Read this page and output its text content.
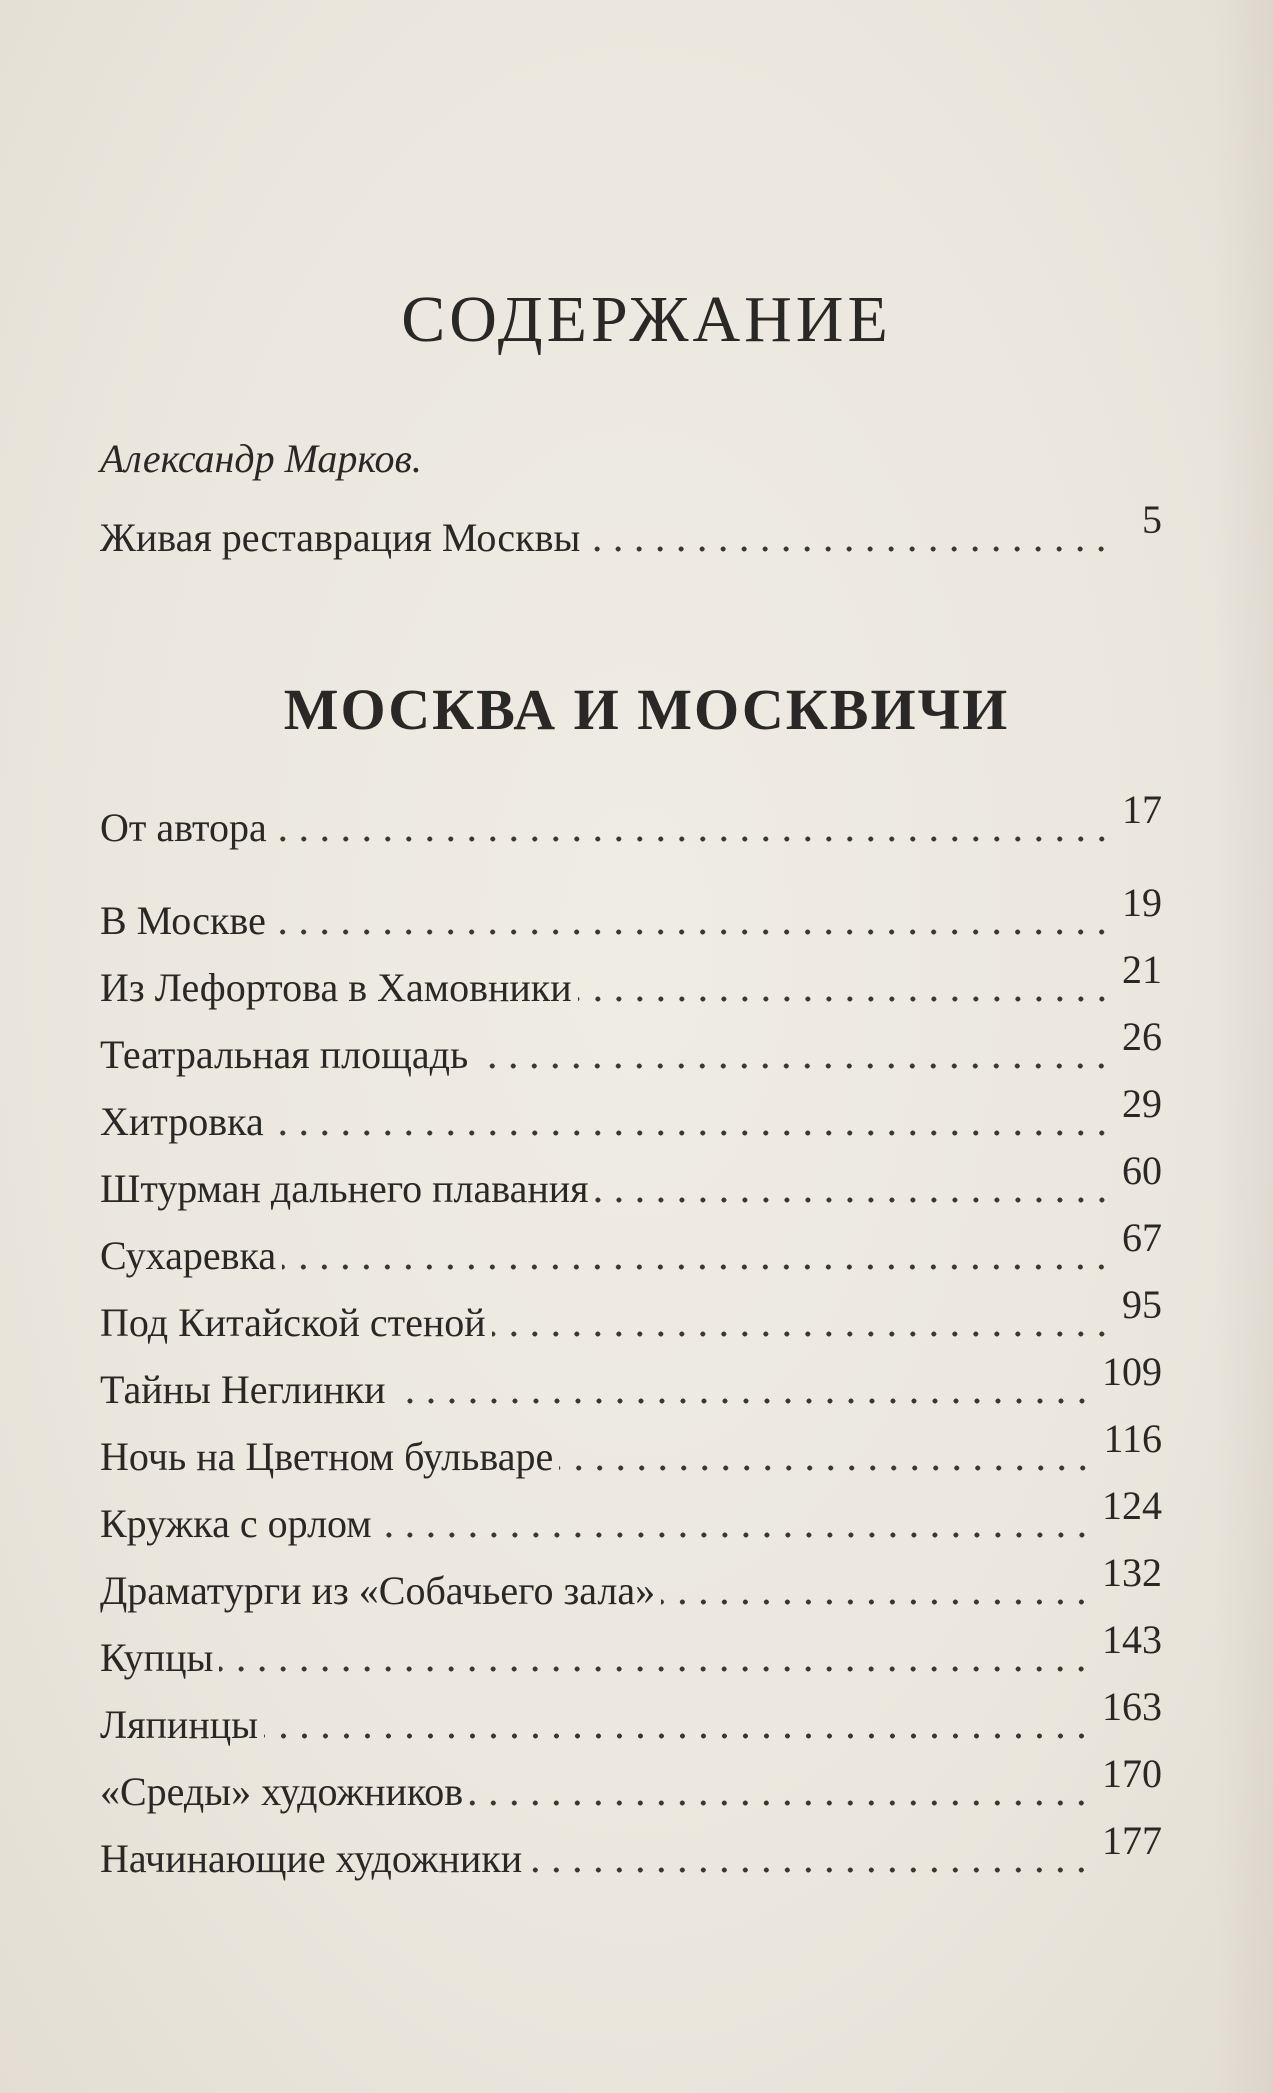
СОДЕРЖАНИЕ
Александр Марков.
Живая реставрация Москвы	5
МОСКВА И МОСКВИЧИ
От автора	17
В Москве	19
Из Лефортова в Хамовники	21
Театральная площадь	26
Хитровка	29
Штурман дальнего плавания	60
Сухаревка	67
Под Китайской стеной	95
Тайны Неглинки	109
Ночь на Цветном бульваре	116
Кружка с орлом	124
Драматурги из «Собачьего зала»	132
Купцы	143
Ляпинцы	163
«Среды» художников	170
Начинающие художники	177
